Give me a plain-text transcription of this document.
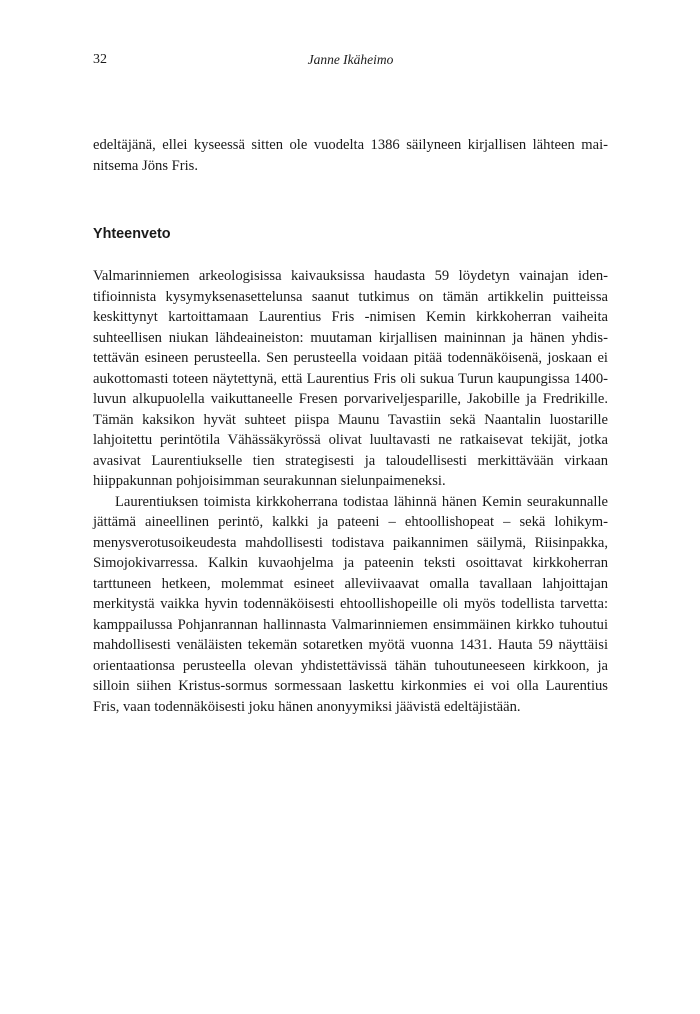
32	Janne Ikäheimo

edeltäjänä, ellei kyseessä sitten ole vuodelta 1386 säilyneen kirjallisen lähteen mainitsema Jöns Fris.

Yhteenveto

Valmarinniemen arkeologisissa kaivauksissa haudasta 59 löydetyn vainajan identifioinnista kysymyksenasettelunsa saanut tutkimus on tämän artikkelin puitteissa keskittynyt kartoittamaan Laurentius Fris -nimisen Kemin kirkkoherran vaiheita suhteellisen niukan lähdeaineiston: muutaman kirjallisen maininnan ja hänen yhdistettävän esineen perusteella. Sen perusteella voidaan pitää todennäköisenä, joskaan ei aukottomasti toteen näytettynä, että Laurentius Fris oli sukua Turun kaupungissa 1400-luvun alkupuolella vaikuttaneelle Fresen porvariveljesparille, Jakobille ja Fredrikille. Tämän kaksikon hyvät suhteet piispa Maunu Tavastiin sekä Naantalin luostarille lahjoitettu perintötila Vähässäkyrössä olivat luultavasti ne ratkaisevat tekijät, jotka avasivat Laurentiukselle tien strategisesti ja taloudellisesti merkittävään virkaan hiippakunnan pohjoisimman seurakunnan sielunpaimeneksi.

Laurentiuksen toimista kirkkoherrana todistaa lähinnä hänen Kemin seurakunnalle jättämä aineellinen perintö, kalkki ja pateeni – ehtoollishopeat – sekä lohikymmenysverotusoikeudesta mahdollisesti todistava paikannimen säilymä, Riisinpakka, Simojokivarressa. Kalkin kuvaohjelma ja pateenin teksti osoittavat kirkkoherran tarttuneen hetkeen, molemmat esineet alleviivaavat omalla tavallaan lahjoittajan merkitystä vaikka hyvin todennäköisesti ehtoollishopeille oli myös todellista tarvetta: kamppailussa Pohjanrannan hallinnasta Valmarinniemen ensimmäinen kirkko tuhoutui mahdollisesti venäläisten tekemän sotaretken myötä vuonna 1431. Hauta 59 näyttäisi orientaationsa perusteella olevan yhdistettävissä tähän tuhoutuneeseen kirkkoon, ja silloin siihen Kristus-sormus sormessaan laskettu kirkonmies ei voi olla Laurentius Fris, vaan todennäköisesti joku hänen anonyymiksi jäävistä edeltäjistään.
